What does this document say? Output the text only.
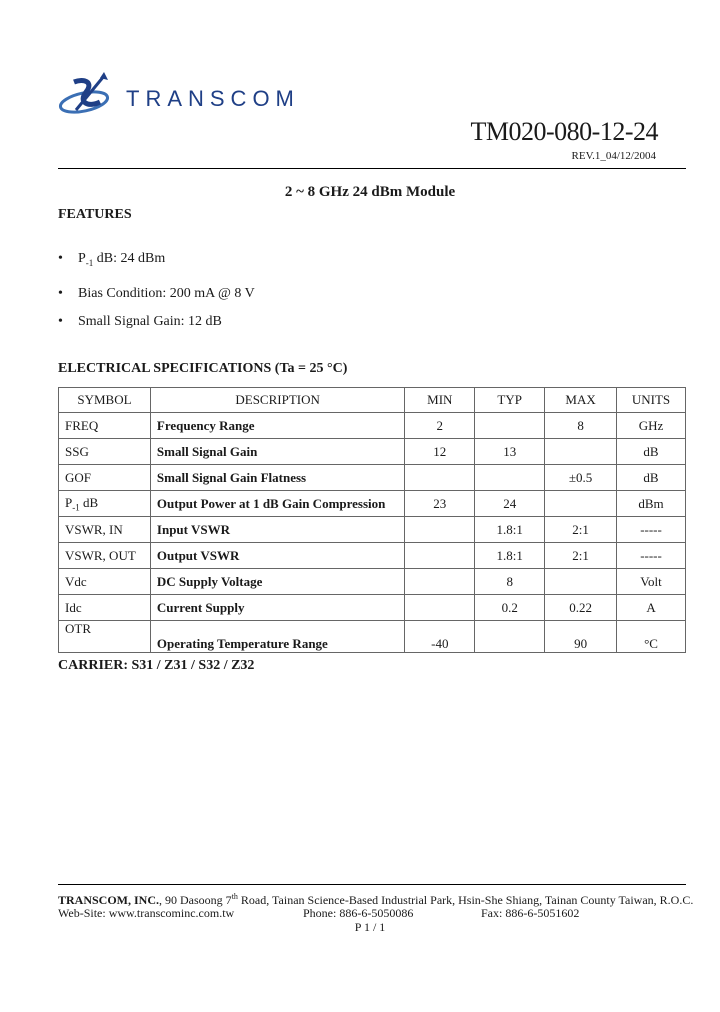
TRANSCOM
TM020-080-12-24
REV.1_04/12/2004
2 ~ 8 GHz 24 dBm Module
FEATURES
• $P_{-1}$ dB: 24 dBm
• Bias Condition: 200 mA @ 8 V
• Small Signal Gain: 12 dB
ELECTRICAL SPECIFICATIONS (Ta = 25 °C)
SYMBOL	DESCRIPTION	MIN	TYP	MAX	UNITS
FREQ	Frequency Range	2		8	GHz
SSG	Small Signal Gain	12	13		dB
GOF	Small Signal Gain Flatness			±0.5	dB
$P_{-1}$ dB	Output Power at 1 dB Gain Compression	23	24		dBm
VSWR, IN	Input VSWR		1.8:1	2:1	-----
VSWR, OUT	Output VSWR		1.8:1	2:1	-----
Vdc	DC Supply Voltage		8		Volt
Idc	Current Supply		0.2	0.22	A
OTR	Operating Temperature Range	-40		90	°C
CARRIER: S31 / Z31 / S32 / Z32
TRANSCOM, INC., 90 Dasoong 7th Road, Tainan Science-Based Industrial Park, Hsin-She Shiang, Tainan County Taiwan, R.O.C.
Web-Site: www.transcominc.com.tw	Phone: 886-6-5050086	Fax: 886-6-5051602
P 1 / 1
